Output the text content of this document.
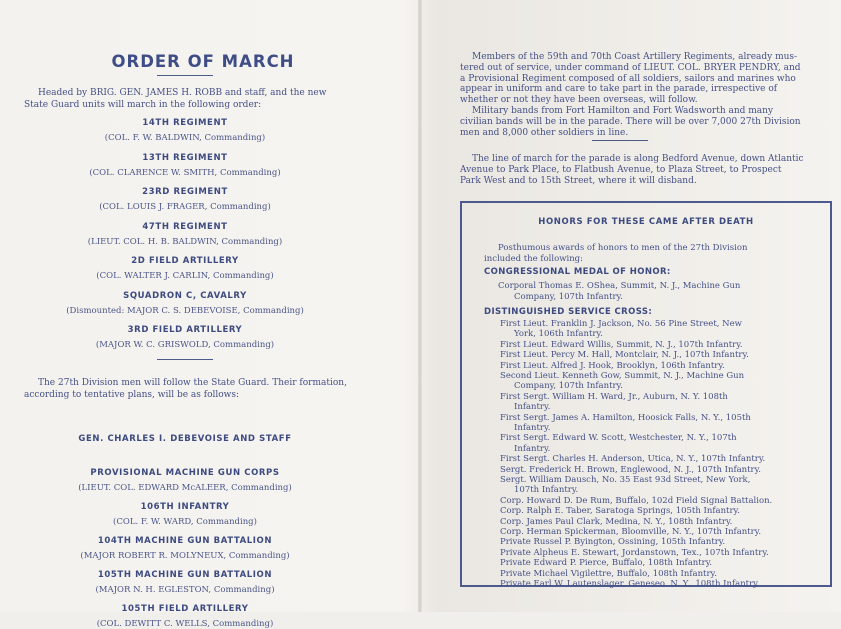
ORDER OF MARCH
Headed by BRIG. GEN. JAMES H. ROBB and staff, and the new State Guard units will march in the following order:
14TH REGIMENT
(COL. F. W. BALDWIN, Commanding)
13TH REGIMENT
(COL. CLARENCE W. SMITH, Commanding)
23RD REGIMENT
(COL. LOUIS J. FRAGER, Commanding)
47TH REGIMENT
(LIEUT. COL. H. B. BALDWIN, Commanding)
2D FIELD ARTILLERY
(COL. WALTER J. CARLIN, Commanding)
SQUADRON C, CAVALRY
(Dismounted: MAJOR C. S. DEBEVOISE, Commanding)
3RD FIELD ARTILLERY
(MAJOR W. C. GRISWOLD, Commanding)
The 27th Division men will follow the State Guard. Their formation, according to tentative plans, will be as follows:
GEN. CHARLES I. DEBEVOISE AND STAFF
PROVISIONAL MACHINE GUN CORPS
(LIEUT. COL. EDWARD McALEER, Commanding)
106TH INFANTRY
(COL. F. W. WARD, Commanding)
104TH MACHINE GUN BATTALION
(MAJOR ROBERT R. MOLYNEUX, Commanding)
105TH MACHINE GUN BATTALION
(MAJOR N. H. EGLESTON, Commanding)
105TH FIELD ARTILLERY
(COL. DEWITT C. WELLS, Commanding)
Members of the 59th and 70th Coast Artillery Regiments, already mus-
tered out of service, under command of LIEUT. COL. BRYER PENDRY, and
a Provisional Regiment composed of all soldiers, sailors and marines who
appear in uniform and care to take part in the parade, irrespective of
whether or not they have been overseas, will follow.
Military bands from Fort Hamilton and Fort Wadsworth and many
civilian bands will be in the parade. There will be over 7,000 27th Division
men and 8,000 other soldiers in line.
The line of march for the parade is along Bedford Avenue, down Atlantic
Avenue to Park Place, to Flatbush Avenue, to Plaza Street, to Prospect
Park West and to 15th Street, where it will disband.
HONORS FOR THESE CAME AFTER DEATH
Posthumous awards of honors to men of the 27th Division
included the following:
CONGRESSIONAL MEDAL OF HONOR:
Corporal Thomas E. OShea, Summit, N. J., Machine Gun
Company, 107th Infantry.
DISTINGUISHED SERVICE CROSS:
First Lieut. Franklin J. Jackson, No. 56 Pine Street, New
York, 106th Infantry.
First Lieut. Edward Willis, Summit, N. J., 107th Infantry.
First Lieut. Percy M. Hall, Montclair, N. J., 107th Infantry.
First Lieut. Alfred J. Hook, Brooklyn, 106th Infantry.
Second Lieut. Kenneth Gow, Summit, N. J., Machine Gun
Company, 107th Infantry.
First Sergt. William H. Ward, Jr., Auburn, N. Y. 108th
Infantry.
First Sergt. James A. Hamilton, Hoosick Falls, N. Y., 105th
Infantry.
First Sergt. Edward W. Scott, Westchester, N. Y., 107th
Infantry.
First Sergt. Charles H. Anderson, Utica, N. Y., 107th Infantry.
Sergt. Frederick H. Brown, Englewood, N. J., 107th Infantry.
Sergt. William Dausch, No. 35 East 93d Street, New York,
107th Infantry.
Corp. Howard D. De Rum, Buffalo, 102d Field Signal Battalion.
Corp. Ralph E. Taber, Saratoga Springs, 105th Infantry.
Corp. James Paul Clark, Medina, N. Y., 108th Infantry.
Corp. Herman Spickerman, Bloomville, N. Y., 107th Infantry.
Private Russel P. Byington, Ossining, 105th Infantry.
Private Alpheus E. Stewart, Jordanstown, Tex., 107th Infantry.
Private Edward P. Pierce, Buffalo, 108th Infantry.
Private Michael Vigilettre, Buffalo, 108th Infantry.
Private Earl W. Lautenslager, Geneseo, N. Y., 108th Infantry.
